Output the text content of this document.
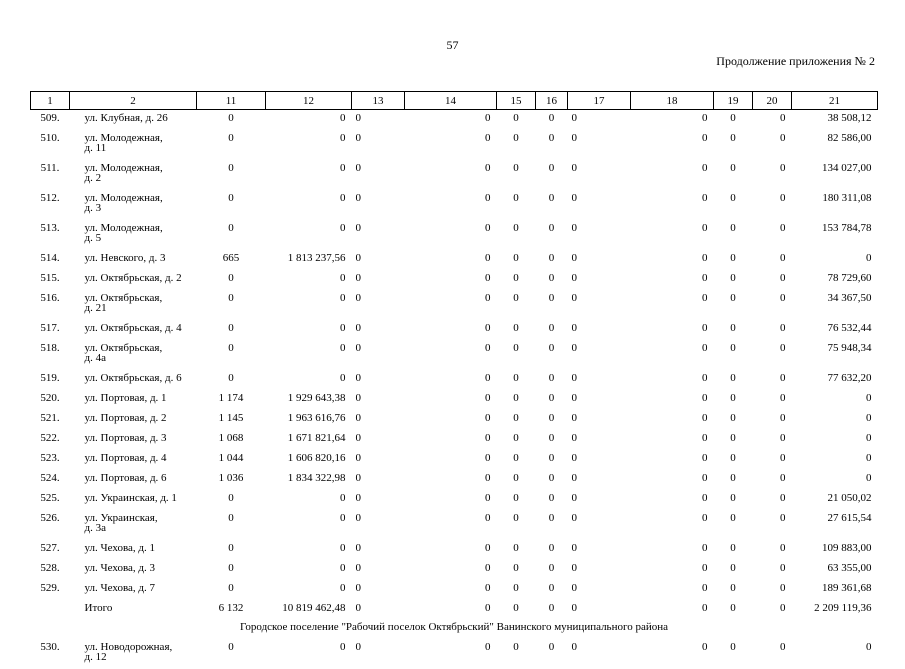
57
Продолжение приложения № 2
1	2	11	12	13	14	15	16	17	18	19	20	21
509.	ул. Клубная, д. 26	0	0	0	0	0	0	0	0	0	0	38 508,12
510.	ул. Молодежная,
д. 11	0	0	0	0	0	0	0	0	0	0	82 586,00
511.	ул. Молодежная,
д. 2	0	0	0	0	0	0	0	0	0	0	134 027,00
512.	ул. Молодежная,
д. 3	0	0	0	0	0	0	0	0	0	0	180 311,08
513.	ул. Молодежная,
д. 5	0	0	0	0	0	0	0	0	0	0	153 784,78
514.	ул. Невского, д. 3	665	1 813 237,56	0	0	0	0	0	0	0	0	0
515.	ул. Октябрьская, д. 2	0	0	0	0	0	0	0	0	0	0	78 729,60
516.	ул. Октябрьская,
д. 21	0	0	0	0	0	0	0	0	0	0	34 367,50
517.	ул. Октябрьская, д. 4	0	0	0	0	0	0	0	0	0	0	76 532,44
518.	ул. Октябрьская,
д. 4а	0	0	0	0	0	0	0	0	0	0	75 948,34
519.	ул. Октябрьская, д. 6	0	0	0	0	0	0	0	0	0	0	77 632,20
520.	ул. Портовая, д. 1	1 174	1 929 643,38	0	0	0	0	0	0	0	0	0
521.	ул. Портовая, д. 2	1 145	1 963 616,76	0	0	0	0	0	0	0	0	0
522.	ул. Портовая, д. 3	1 068	1 671 821,64	0	0	0	0	0	0	0	0	0
523.	ул. Портовая, д. 4	1 044	1 606 820,16	0	0	0	0	0	0	0	0	0
524.	ул. Портовая, д. 6	1 036	1 834 322,98	0	0	0	0	0	0	0	0	0
525.	ул. Украинская, д. 1	0	0	0	0	0	0	0	0	0	0	21 050,02
526.	ул. Украинская,
д. 3а	0	0	0	0	0	0	0	0	0	0	27 615,54
527.	ул. Чехова, д. 1	0	0	0	0	0	0	0	0	0	0	109 883,00
528.	ул. Чехова, д. 3	0	0	0	0	0	0	0	0	0	0	63 355,00
529.	ул. Чехова, д. 7	0	0	0	0	0	0	0	0	0	0	189 361,68
	Итого	6 132	10 819 462,48	0	0	0	0	0	0	0	0	2 209 119,36
Городское поселение "Рабочий поселок Октябрьский" Ванинского муниципального района												
530.	ул. Новодорожная,
д. 12	0	0	0	0	0	0	0	0	0	0	0
